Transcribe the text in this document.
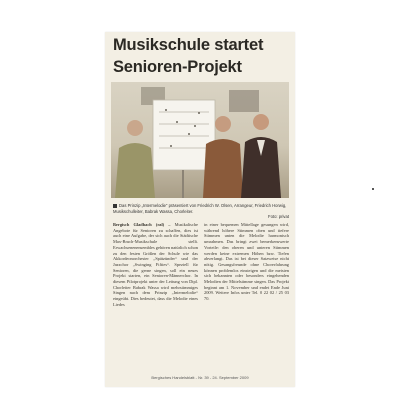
Musikschule startet
Senioren-Projekt
Das Prinzip „Intermelodie“ präsentiert von Friedrich W. Olsen, Arrangeur, Friedrich Horwig, Musikschulleiter, Babrak Wassa, Chorleiter.
Foto: privat

Bergisch Gladbach (ral) – Musikalische Angebote für Senioren zu schaffen, dies ist auch eine Aufgabe, der sich auch die Städtische Max-Bruch-Musikschule stellt. Erwachsenenensembles gehören natürlich schon zu den festen Größen der Schule wie das Akkordeonorchester „Spätzünder“ und der Jazzchor „Swinging Fifties“. Speziell für Senioren, die gerne singen, soll ein neues Projekt starten, ein Senioren-Männerchor. In diesem Pilotprojekt unter der Leitung von Dipl. Chorleiter Babrak Wassa wird mehrstimmiges Singen nach dem Prinzip „Intermelodie“ eingeübt. Dies bedeutet, dass die Melodie eines Liedes

in einer bequemen Mittellage gesungen wird, während höhere Stimmen oben und tiefere Stimmen unten die Melodie harmonisch umrahmen. Das bringt zwei bemerkenswerte Vorteile: den oberen und unteren Stimmen werden keine extremen Höhen bzw. Tiefen abverlangt. Das ist bei dieser Satzweise nicht nötig. Gesangsfreunde ohne Chorerfahrung können problemlos einsteigen und die meisten sich bekannten oder besonders eingehenden Melodien der Mittelstimme singen. Das Projekt beginnt am 1. November und endet Ende Juni 2009. Weitere Infos unter Tel. 0 22 02 / 25 03 70.

Bergisches Handelsblatt - Nr. 39 - 24. September 2009
